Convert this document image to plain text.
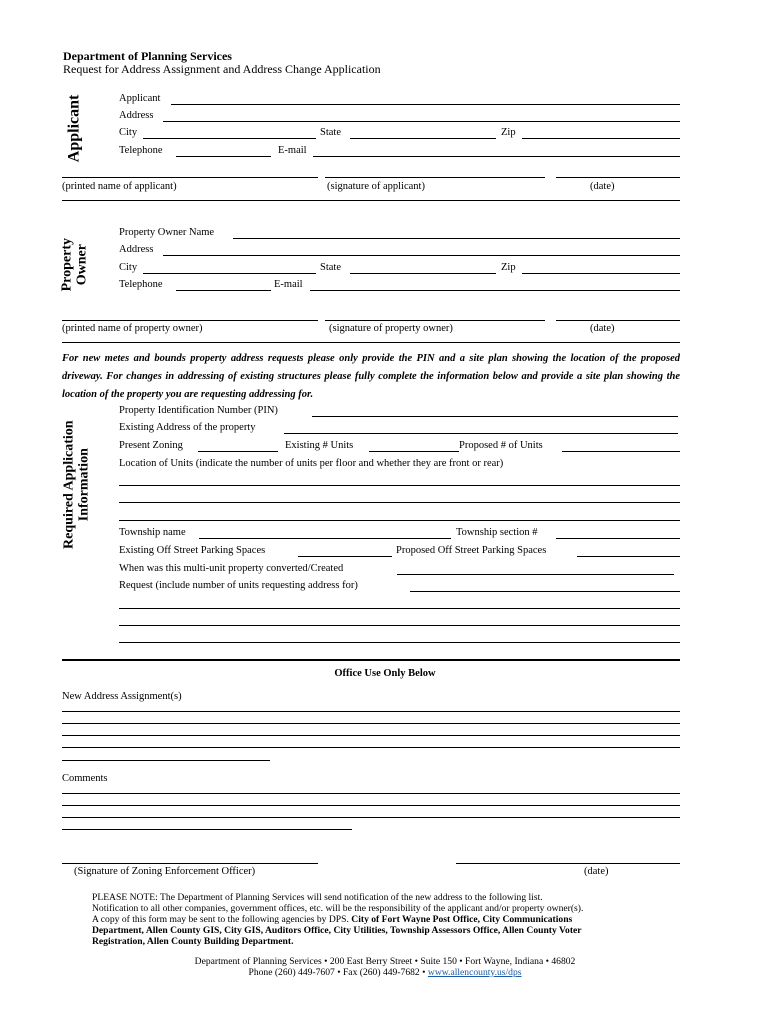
Department of Planning Services
Request for Address Assignment and Address Change Application
Applicant	Applicant
Address
City	State	Zip
Telephone	E-mail
(printed name of applicant)	(signature of applicant)	(date)
Property Owner
Property Owner Name
Address
City	State	Zip
Telephone	E-mail
(printed name of property owner)	(signature of property owner)	(date)
Required Application Information
For new metes and bounds property address requests please only provide the PIN and a site plan showing the location of the proposed driveway. For changes in addressing of existing structures please fully complete the information below and provide a site plan showing the location of the property you are requesting addressing for.
Property Identification Number (PIN)
Existing Address of the property
Present Zoning	Existing # Units	Proposed # of Units
Location of Units (indicate the number of units per floor and whether they are front or rear)
Township name	Township section #
Existing Off Street Parking Spaces	Proposed Off Street Parking Spaces
When was this multi-unit property converted/Created
Request (include number of units requesting address for)
Office Use Only Below
New Address Assignment(s)
Comments
(Signature of Zoning Enforcement Officer)	(date)
PLEASE NOTE: The Department of Planning Services will send notification of the new address to the following list.
Notification to all other companies, government offices, etc. will be the responsibility of the applicant and/or property owner(s).
A copy of this form may be sent to the following agencies by DPS. City of Fort Wayne Post Office, City Communications
Department, Allen County GIS, City GIS, Auditors Office, City Utilities, Township Assessors Office, Allen County Voter
Registration, Allen County Building Department.
Department of Planning Services • 200 East Berry Street • Suite 150 • Fort Wayne, Indiana • 46802
Phone (260) 449-7607 • Fax (260) 449-7682 • www.allencounty.us/dps
